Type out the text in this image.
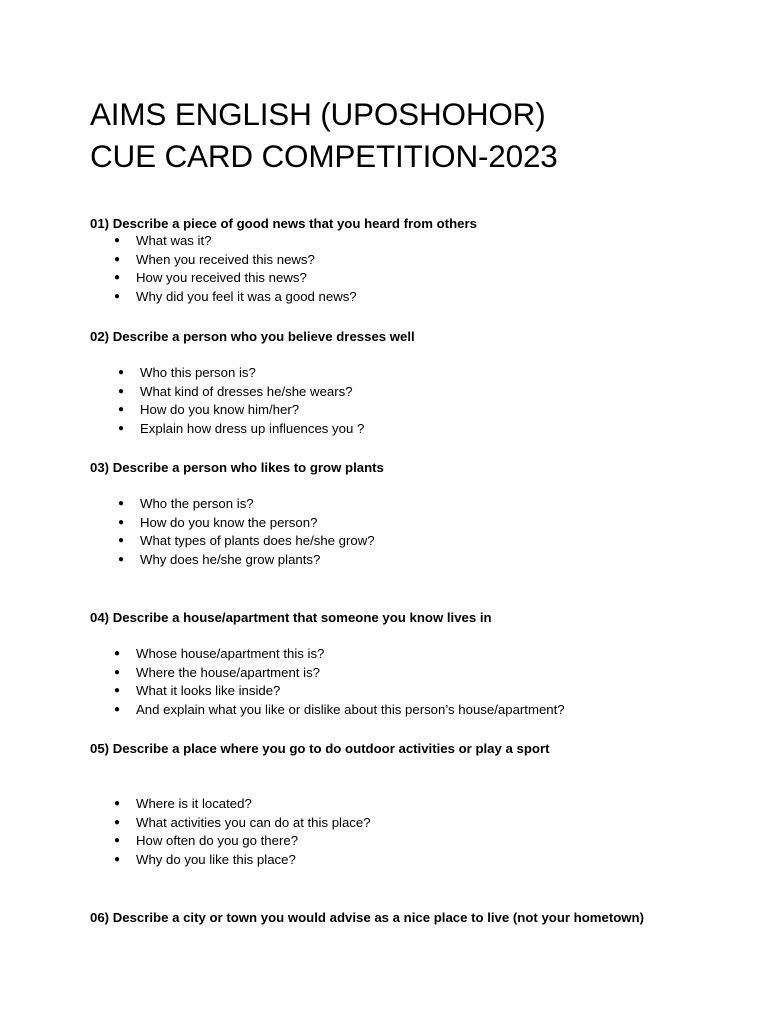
AIMS ENGLISH (UPOSHOHOR)
CUE CARD COMPETITION-2023

01) Describe a piece of good news that you heard from others

● What was it?
● When you received this news?
● How you received this news?
● Why did you feel it was a good news?

02) Describe a person who you believe dresses well

● Who this person is?
● What kind of dresses he/she wears?
● How do you know him/her?
● Explain how dress up influences you ?

03) Describe a person who likes to grow plants

● Who the person is?
● How do you know the person?
● What types of plants does he/she grow?
● Why does he/she grow plants?

04) Describe a house/apartment that someone you know lives in

● Whose house/apartment this is?
● Where the house/apartment is?
● What it looks like inside?
● And explain what you like or dislike about this person’s house/apartment?

05) Describe a place where you go to do outdoor activities or play a sport

● Where is it located?
● What activities you can do at this place?
● How often do you go there?
● Why do you like this place?

06) Describe a city or town you would advise as a nice place to live (not your hometown)
